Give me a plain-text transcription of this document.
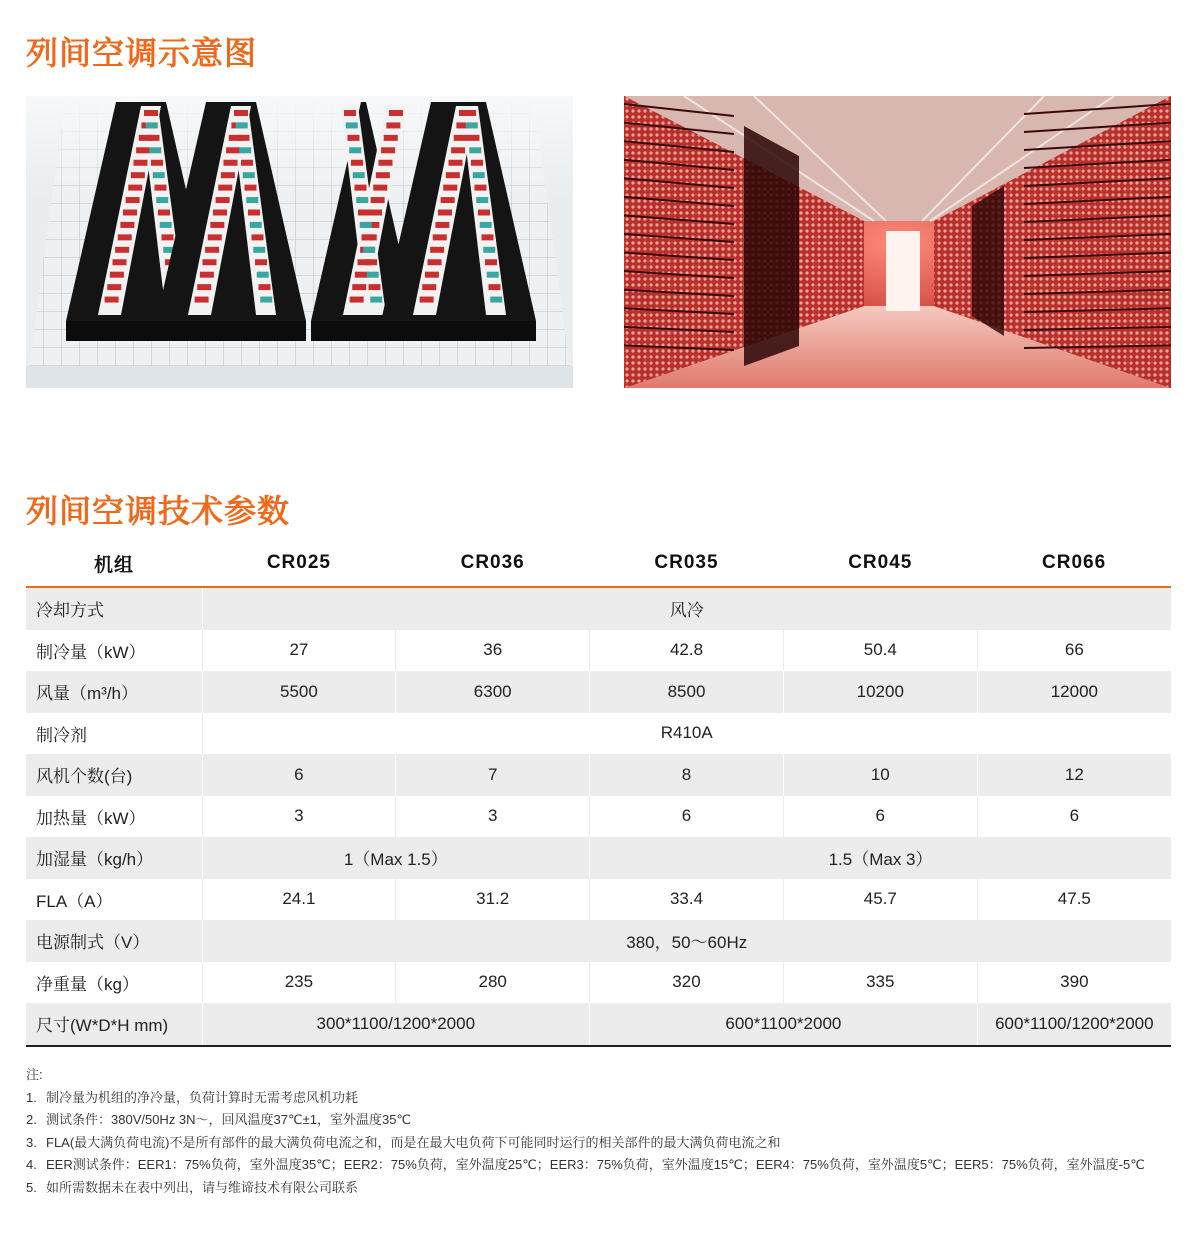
列间空调示意图
列间空调技术参数
机组	CR025	CR036	CR035	CR045	CR066
冷却方式	风冷				
制冷量（kW）	27	36	42.8	50.4	66
风量（m³/h）	5500	6300	8500	10200	12000
制冷剂	R410A				
风机个数(台)	6	7	8	10	12
加热量（kW）	3	3	6	6	6
加湿量（kg/h）	1（Max 1.5）		1.5（Max 3）		
FLA（A）	24.1	31.2	33.4	45.7	47.5
电源制式（V）	380，50～60Hz				
净重量（kg）	235	280	320	335	390
尺寸(W*D*H mm)	300*1100/1200*2000		600*1100*2000		600*1100/1200*2000
注:
1. 制冷量为机组的净冷量，负荷计算时无需考虑风机功耗
2. 测试条件：380V/50Hz 3N～，回风温度37℃±1，室外温度35℃
3. FLA(最大满负荷电流)不是所有部件的最大满负荷电流之和，而是在最大电负荷下可能同时运行的相关部件的最大满负荷电流之和
4. EER测试条件：EER1：75%负荷，室外温度35℃；EER2：75%负荷，室外温度25℃；EER3：75%负荷，室外温度15℃；EER4：75%负荷，室外温度5℃；EER5：75%负荷，室外温度-5℃
5. 如所需数据未在表中列出，请与维谛技术有限公司联系
